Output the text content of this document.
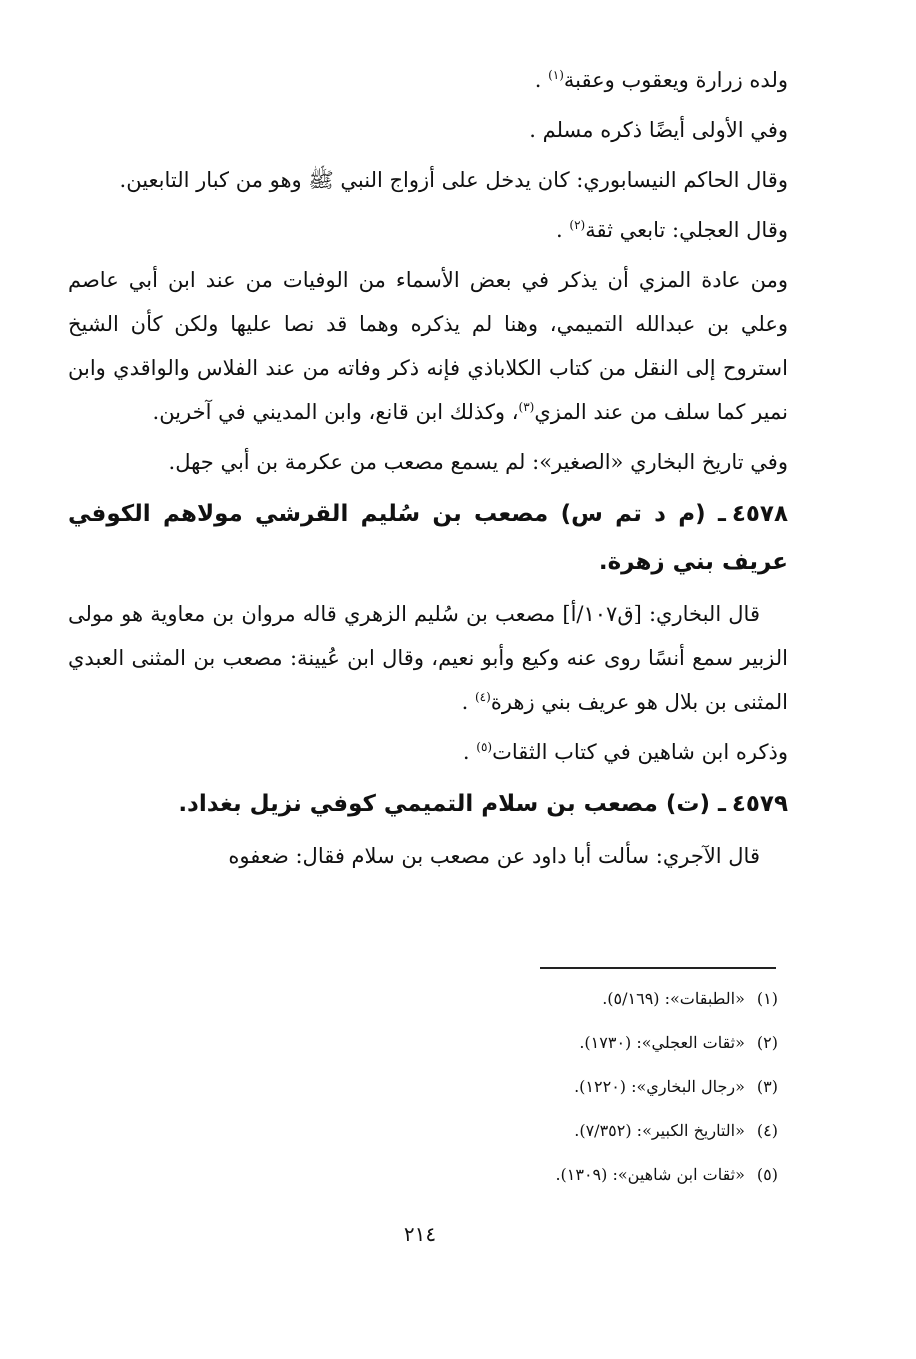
ولده زرارة ويعقوب وعقبة$^{(١)}$ .

وفي الأولى أيضًا ذكره مسلم .

وقال الحاكم النيسابوري: كان يدخل على أزواج النبي ﷺ وهو من كبار التابعين.

وقال العجلي: تابعي ثقة$^{(٢)}$ .

ومن عادة المزي أن يذكر في بعض الأسماء من الوفيات من عند ابن أبي عاصم وعلي بن عبدالله التميمي، وهنا لم يذكره وهما قد نصا عليها ولكن كأن الشيخ استروح إلى النقل من كتاب الكلاباذي فإنه ذكر وفاته من عند الفلاس والواقدي وابن نمير كما سلف من عند المزي$^{(٣)}$، وكذلك ابن قانع، وابن المديني في آخرين.

وفي تاريخ البخاري «الصغير»: لم يسمع مصعب من عكرمة بن أبي جهل.

٤٥٧٨ـ (م د تم س) مصعب بن سُليم القرشي مولاهم الكوفي عريف بني زهرة.

قال البخاري: [ق١٠٧/أ] مصعب بن سُليم الزهري قاله مروان بن معاوية هو مولى الزبير سمع أنسًا روى عنه وكيع وأبو نعيم، وقال ابن عُيينة: مصعب بن المثنى العبدي المثنى بن بلال هو عريف بني زهرة$^{(٤)}$ .

وذكره ابن شاهين في كتاب الثقات$^{(٥)}$ .

٤٥٧٩ـ (ت) مصعب بن سلام التميمي كوفي نزيل بغداد.

قال الآجري: سألت أبا داود عن مصعب بن سلام فقال: ضعفوه

(١)«الطبقات»: (٥/١٦٩).
(٢)«ثقات العجلي»: (١٧٣٠).
(٣)«رجال البخاري»: (١٢٢٠).
(٤)«التاريخ الكبير»: (٧/٣٥٢).
(٥)«ثقات ابن شاهين»: (١٣٠٩).
٢١٤
